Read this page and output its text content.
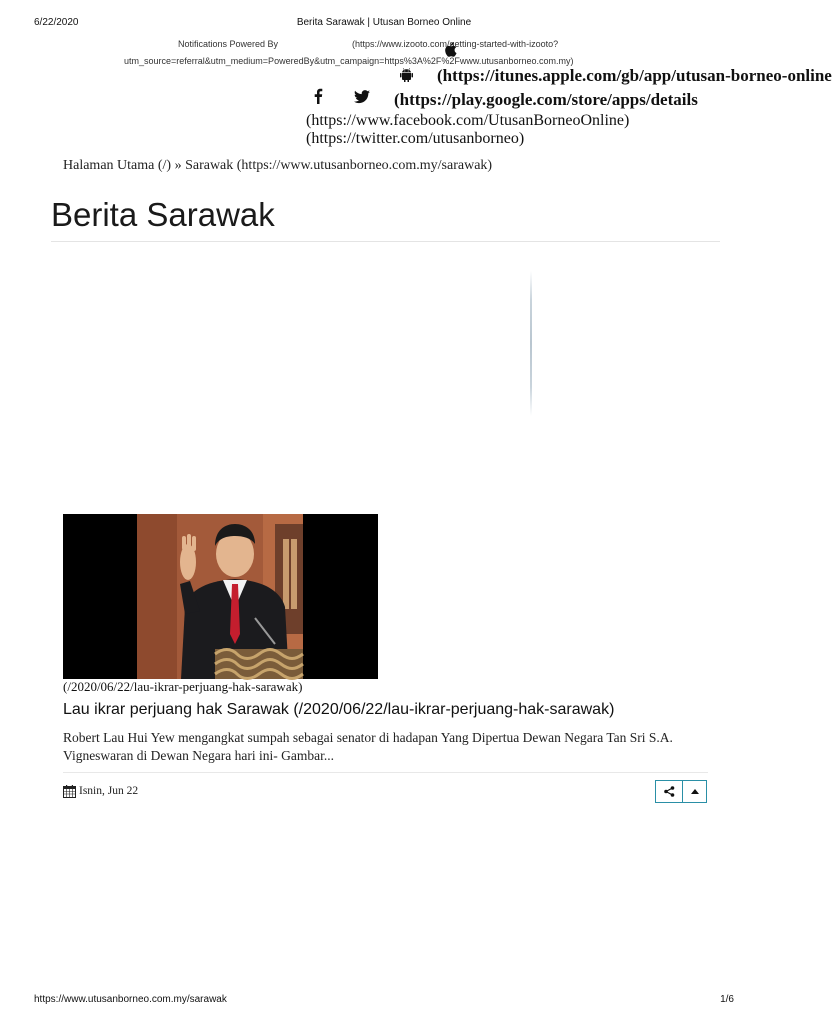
6/22/2020	Berita Sarawak | Utusan Borneo Online
Notifications Powered By	(https://www.izooto.com/getting-started-with-izooto?
utm_source=referral&utm_medium=PoweredBy&utm_campaign=https%3A%2F%2Fwww.utusanborneo.com.my)
(https://itunes.apple.com/gb/app/utusan-borneo-online
(https://play.google.com/store/apps/details
(https://www.facebook.com/UtusanBorneoOnline) (https://twitter.com/utusanborneo)
Halaman Utama (/) » Sarawak (https://www.utusanborneo.com.my/sarawak)
Berita Sarawak
(/2020/06/22/lau-ikrar-perjuang-hak-sarawak)
Lau ikrar perjuang hak Sarawak (/2020/06/22/lau-ikrar-perjuang-hak-sarawak)

Robert Lau Hui Yew mengangkat sumpah sebagai senator di hadapan Yang Dipertua Dewan Negara Tan Sri S.A. Vigneswaran di Dewan Negara hari ini- Gambar...

Isnin, Jun 22
https://www.utusanborneo.com.my/sarawak	1/6
